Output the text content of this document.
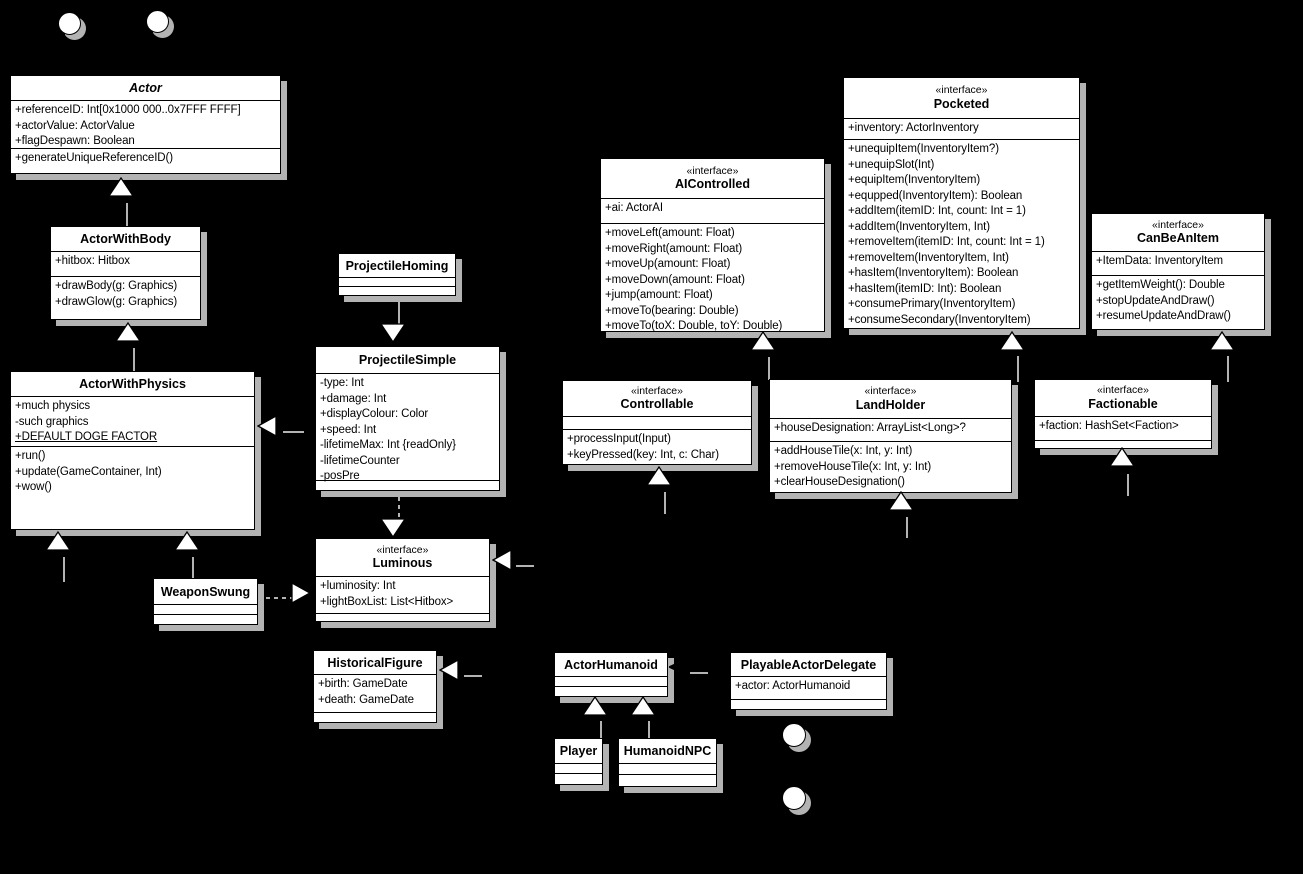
Actor
+referenceID: Int[0x1000 000..0x7FFF FFFF]
+actorValue: ActorValue
+flagDespawn: Boolean
+generateUniqueReferenceID()
ActorWithBody
+hitbox: Hitbox
+drawBody(g: Graphics)
+drawGlow(g: Graphics)
ActorWithPhysics
+much physics
-such graphics
+DEFAULT DOGE FACTOR
+run()
+update(GameContainer, Int)
+wow()
ProjectileHoming
ProjectileSimple
-type: Int
+damage: Int
+displayColour: Color
+speed: Int
-lifetimeMax: Int {readOnly}
-lifetimeCounter
-posPre
«interface»
Luminous
+luminosity: Int
+lightBoxList: List<Hitbox>
WeaponSwung
HistoricalFigure
+birth: GameDate
+death: GameDate
«interface»
AIControlled
+ai: ActorAI
+moveLeft(amount: Float)
+moveRight(amount: Float)
+moveUp(amount: Float)
+moveDown(amount: Float)
+jump(amount: Float)
+moveTo(bearing: Double)
+moveTo(toX: Double, toY: Double)
«interface»
Pocketed
+inventory: ActorInventory
+unequipItem(InventoryItem?)
+unequipSlot(Int)
+equipItem(InventoryItem)
+equpped(InventoryItem): Boolean
+addItem(itemID: Int, count: Int = 1)
+addItem(InventoryItem, Int)
+removeItem(itemID: Int, count: Int = 1)
+removeItem(InventoryItem, Int)
+hasItem(InventoryItem): Boolean
+hasItem(itemID: Int): Boolean
+consumePrimary(InventoryItem)
+consumeSecondary(InventoryItem)
«interface»
CanBeAnItem
+ItemData: InventoryItem
+getItemWeight(): Double
+stopUpdateAndDraw()
+resumeUpdateAndDraw()
«interface»
Controllable
+processInput(Input)
+keyPressed(key: Int, c: Char)
«interface»
LandHolder
+houseDesignation: ArrayList<Long>?
+addHouseTile(x: Int, y: Int)
+removeHouseTile(x: Int, y: Int)
+clearHouseDesignation()
«interface»
Factionable
+faction: HashSet<Faction>
ActorHumanoid	PlayableActorDelegate
+actor: ActorHumanoid
Player HumanoidNPC
